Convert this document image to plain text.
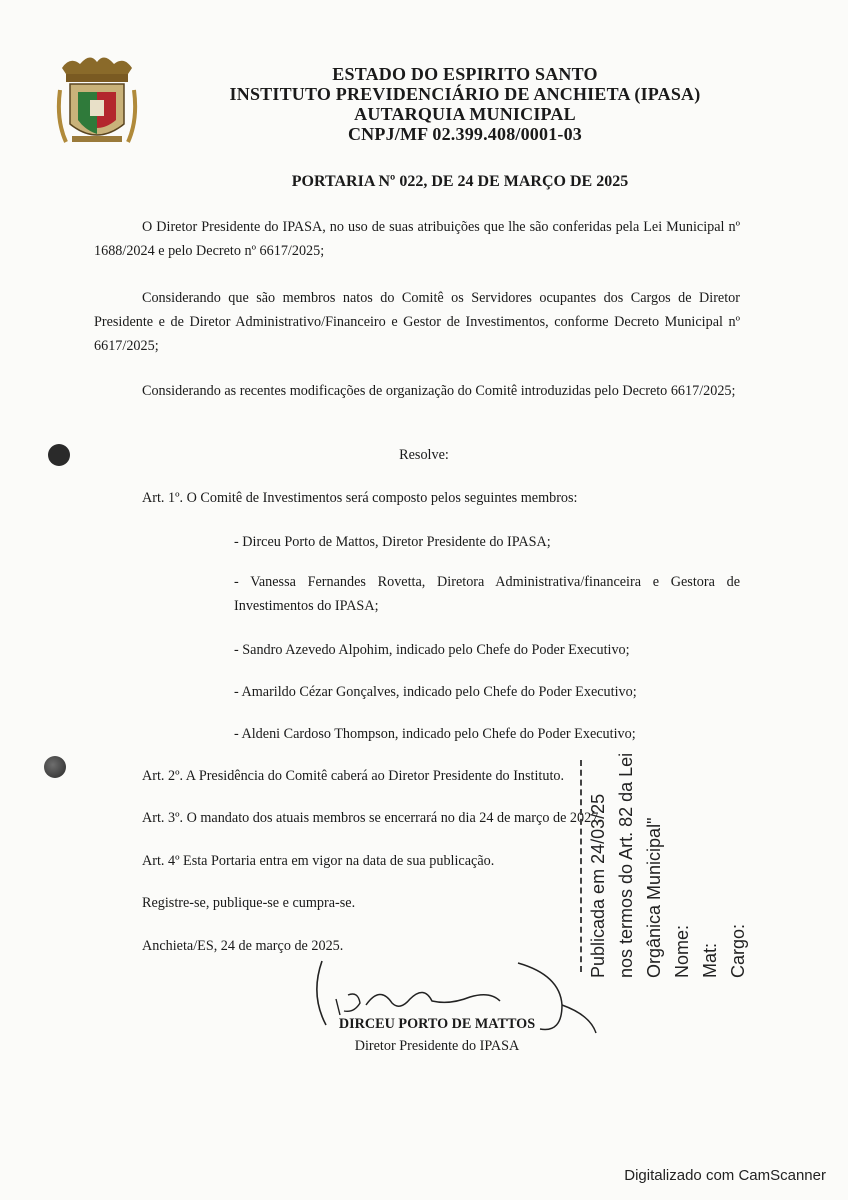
ESTADO DO ESPIRITO SANTO
INSTITUTO PREVIDENCIÁRIO DE ANCHIETA (IPASA)
AUTARQUIA MUNICIPAL
CNPJ/MF 02.399.408/0001-03
PORTARIA Nº 022, DE 24 DE MARÇO DE 2025
O Diretor Presidente do IPASA, no uso de suas atribuições que lhe são conferidas pela Lei Municipal nº 1688/2024 e pelo Decreto nº 6617/2025;
Considerando que são membros natos do Comitê os Servidores ocupantes dos Cargos de Diretor Presidente e de Diretor Administrativo/Financeiro e Gestor de Investimentos, conforme Decreto Municipal nº 6617/2025;
Considerando as recentes modificações de organização do Comitê introduzidas pelo Decreto 6617/2025;
Resolve:
Art. 1º. O Comitê de Investimentos será composto pelos seguintes membros:
- Dirceu Porto de Mattos, Diretor Presidente do IPASA;
- Vanessa Fernandes Rovetta, Diretora Administrativa/financeira e Gestora de Investimentos do IPASA;
- Sandro Azevedo Alpohim, indicado pelo Chefe do Poder Executivo;
- Amarildo Cézar Gonçalves, indicado pelo Chefe do Poder Executivo;
- Aldeni Cardoso Thompson, indicado pelo Chefe do Poder Executivo;
Art. 2º. A Presidência do Comitê caberá ao Diretor Presidente do Instituto.
Art. 3º. O mandato dos atuais membros se encerrará no dia 24 de março de 2027.
Art. 4º Esta Portaria entra em vigor na data de sua publicação.
Registre-se, publique-se e cumpra-se.
Anchieta/ES, 24 de março de 2025.	Publicada em 24/03/25 nos termos do Art. 82 da Lei Orgânica Municipal" Nome: Mat: Cargo:
DIRCEU PORTO DE MATTOS
Diretor Presidente do IPASA
Digitalizado com CamScanner
